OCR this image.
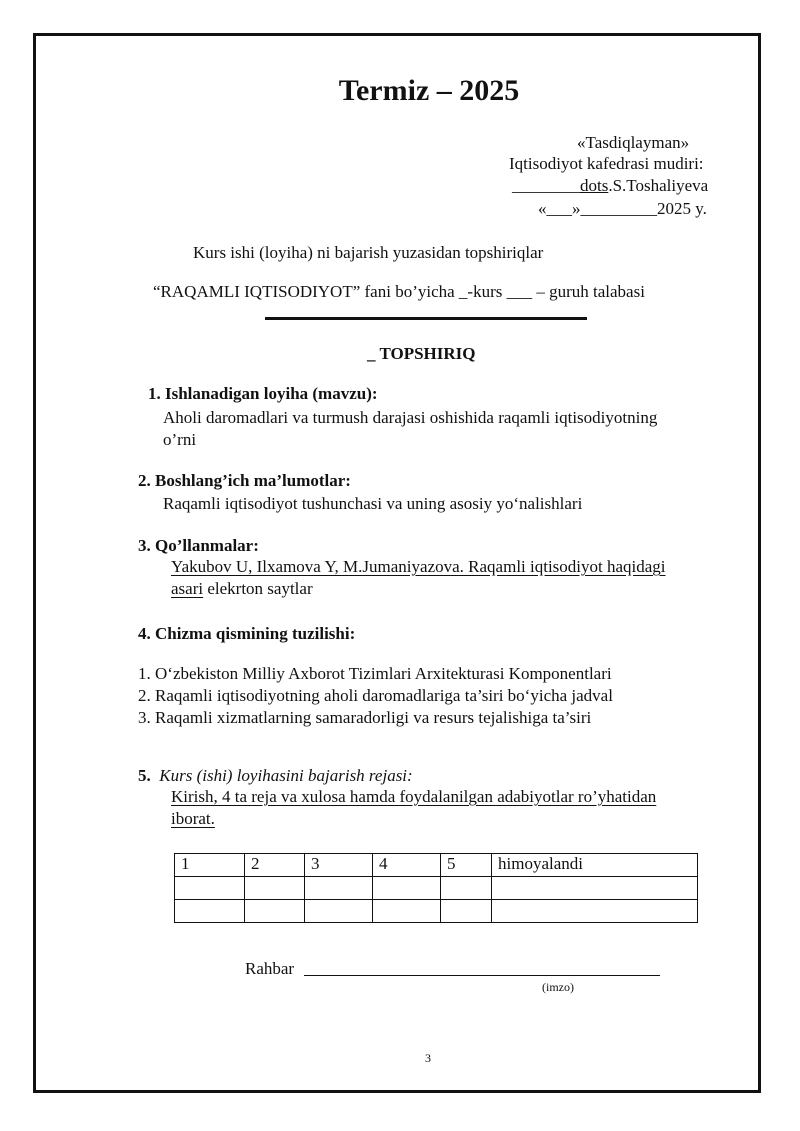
Termiz – 2025
«Tasdiqlayman»
Iqtisodiyot kafedrasi mudiri:
________dots.S.Toshaliyeva
«___»_________2025 y.
Kurs ishi (loyiha) ni bajarish yuzasidan topshiriqlar
“RAQAMLI IQTISODIYOT” fani bo’yicha _-kurs ___ – guruh talabasi
_ TOPSHIRIQ
1. Ishlanadigan loyiha (mavzu):
Aholi daromadlari va turmush darajasi oshishida raqamli iqtisodiyotning
o’rni
2. Boshlang’ich ma’lumotlar:
Raqamli iqtisodiyot tushunchasi va uning asosiy yo‘nalishlari
3. Qo’llanmalar:
Yakubov U, Ilxamova Y, M.Jumaniyazova. Raqamli iqtisodiyot haqidagi
asari elekrton saytlar
4. Chizma qismining tuzilishi:
1. O‘zbekiston Milliy Axborot Tizimlari Arxitekturasi Komponentlari
2. Raqamli iqtisodiyotning aholi daromadlariga ta’siri bo‘yicha jadval
3. Raqamli xizmatlarning samaradorligi va resurs tejalishiga ta’siri
5. Kurs (ishi) loyihasini bajarish rejasi:
Kirish, 4 ta reja va xulosa hamda foydalanilgan adabiyotlar ro’yhatidan
iborat.
1	2	3	4	5	himoyalandi

Rahbar
(imzo)
3
